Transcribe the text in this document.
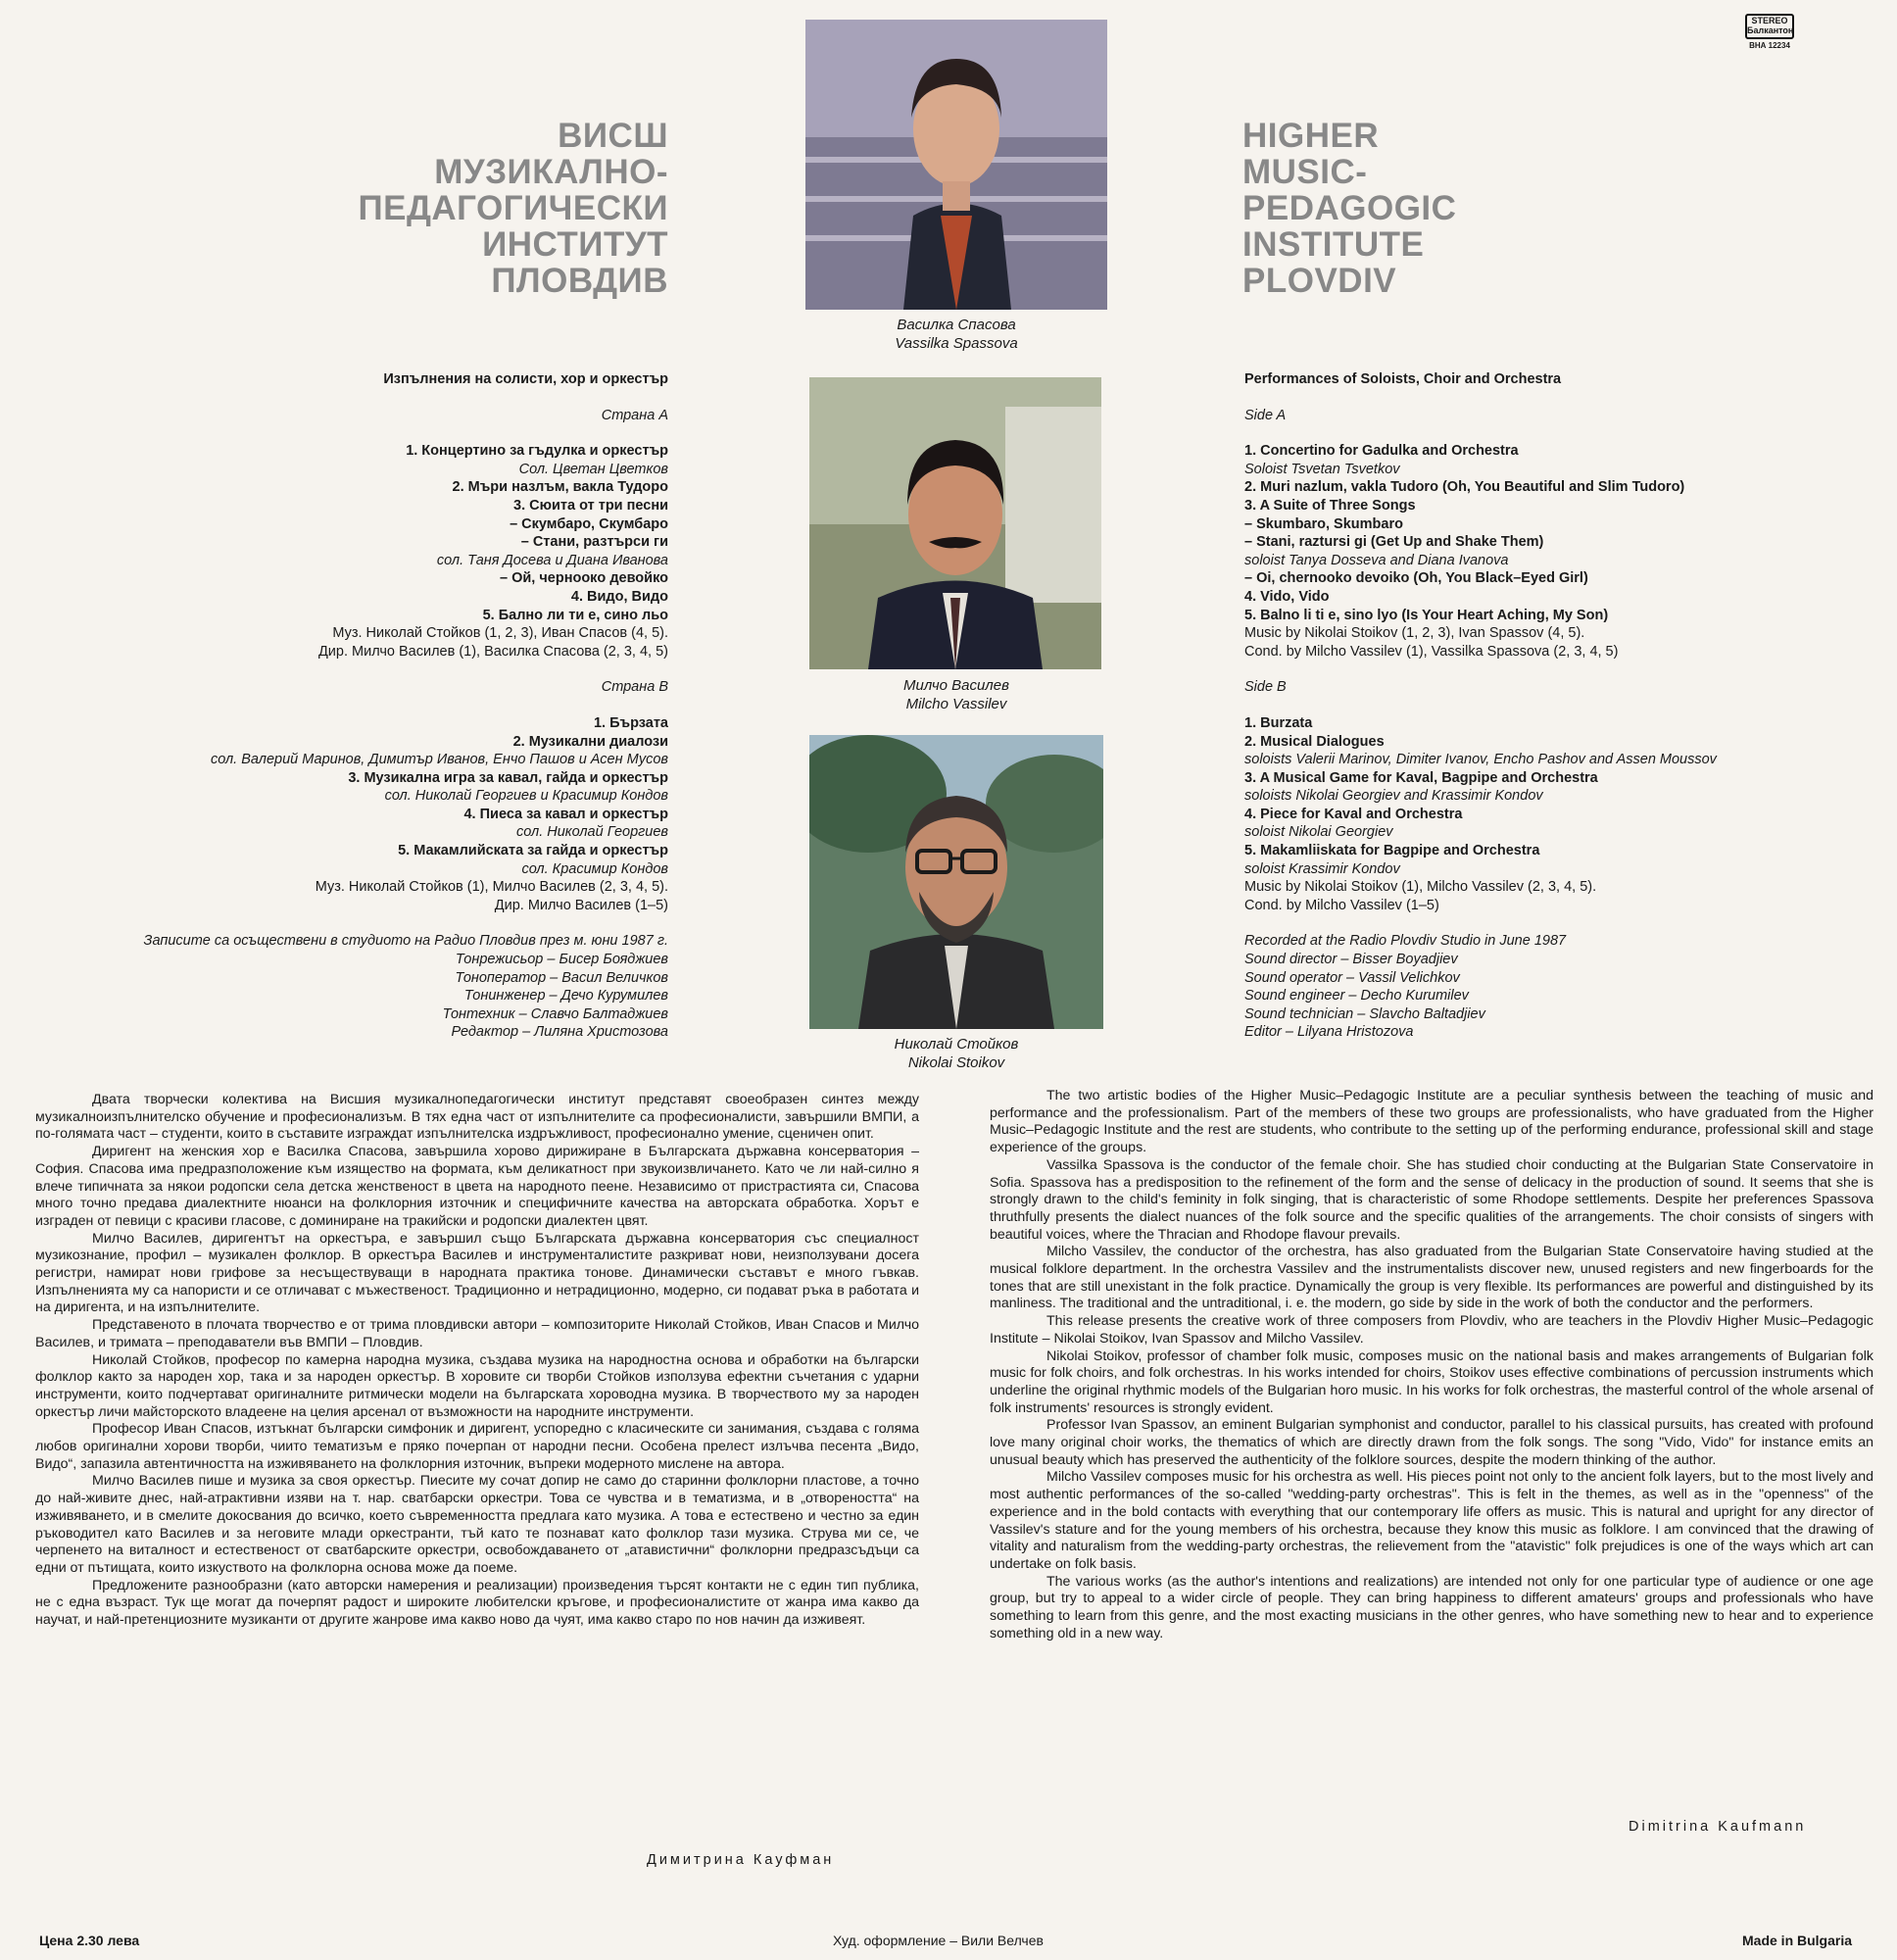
STEREO
Балкантон
ВНА 12234
ВИСШ
МУЗИКАЛНО-
ПЕДАГОГИЧЕСКИ
ИНСТИТУТ
ПЛОВДИВ
HIGHER
MUSIC-
PEDAGOGIC
INSTITUTE
PLOVDIV
Василка Спасова
Vassilka Spassova
Милчо Василев
Milcho Vassilev
Николай Стойков
Nikolai Stoikov
Изпълнения на солисти, хор и оркестър
Страна А
1. Концертино за гъдулка и оркестър
Сол. Цветан Цветков
2. Мъри назлъм, вакла Тудоро
3. Сюита от три песни
– Скумбаро, Скумбаро
– Стани, разтърси ги
сол. Таня Досева и Диана Иванова
– Ой, черноокo девойко
4. Видо, Видо
5. Бално ли ти е, сино льо
Муз. Николай Стойков (1, 2, 3), Иван Спасов (4, 5).
Дир. Милчо Василев (1), Василка Спасова (2, 3, 4, 5)
Страна В
1. Бързата
2. Музикални диалози
сол. Валерий Маринов, Димитър Иванов, Енчо Пашов и Асен Мусов
3. Музикална игра за кавал, гайда и оркестър
сол. Николай Георгиев и Красимир Кондов
4. Пиеса за кавал и оркестър
сол. Николай Георгиев
5. Макамлийската за гайда и оркестър
сол. Красимир Кондов
Муз. Николай Стойков (1), Милчо Василев (2, 3, 4, 5).
Дир. Милчо Василев (1–5)
Записите са осъществени в студиото на Радио Пловдив през м. юни 1987 г.
Тонрежисьор – Бисер Бояджиев
Тоноператор – Васил Величков
Тонинженер – Дечо Курумилев
Тонтехник – Славчо Балтаджиев
Редактор – Лиляна Христозова
Performances of Soloists, Choir and Orchestra
Side A
1. Concertino for Gadulka and Orchestra
Soloist Tsvetan Tsvetkov
2. Muri nazlum, vakla Tudoro (Oh, You Beautiful and Slim Tudoro)
3. A Suite of Three Songs
– Skumbaro, Skumbaro
– Stani, raztursi gi (Get Up and Shake Them)
soloist Tanya Dosseva and Diana Ivanova
– Oi, chernooko devoiko (Oh, You Black–Eyed Girl)
4. Vido, Vido
5. Balno li ti e, sino lyo (Is Your Heart Aching, My Son)
Music by Nikolai Stoikov (1, 2, 3), Ivan Spassov (4, 5).
Cond. by Milcho Vassilev (1), Vassilka Spassova (2, 3, 4, 5)
Side B
1. Burzata
2. Musical Dialogues
soloists Valerii Marinov, Dimiter Ivanov, Encho Pashov and Assen Moussov
3. A Musical Game for Kaval, Bagpipe and Orchestra
soloists Nikolai Georgiev and Krassimir Kondov
4. Piece for Kaval and Orchestra
soloist Nikolai Georgiev
5. Makamliiskata for Bagpipe and Orchestra
soloist Krassimir Kondov
Music by Nikolai Stoikov (1), Milcho Vassilev (2, 3, 4, 5).
Cond. by Milcho Vassilev (1–5)
Recorded at the Radio Plovdiv Studio in June 1987
Sound director – Bisser Boyadjiev
Sound operator – Vassil Velichkov
Sound engineer – Decho Kurumilev
Sound technician – Slavcho Baltadjiev
Editor – Lilyana Hristozova

Двата творчески колектива на Висшия музикалнопедагогически институт представят своеобразен синтез между музикалноизпълнителско обучение и професионализъм. В тях една част от изпълнителите са професионалисти, завършили ВМПИ, а по-голямата част – студенти, които в съставите изграждат изпълнителска издръжливост, професионално умение, сценичен опит.

Диригент на женския хор е Василка Спасова, завършила хорово дирижиране в Българската държавна консерватория – София. Спасова има предразположение към изящество на формата, към деликатност при звукоизвличането. Като че ли най-силно я влече типичната за някои родопски села детска женственост в цвета на народното пеене. Независимо от пристрастията си, Спасова много точно предава диалектните нюанси на фолклорния източник и специфичните качества на авторската обработка. Хорът е изграден от певици с красиви гласове, с доминиране на тракийски и родопски диалектен цвят.

Милчо Василев, диригентът на оркестъра, е завършил също Българската държавна консерватория със специалност музикознание, профил – музикален фолклор. В оркестъра Василев и инструменталистите разкриват нови, неизползувани досега регистри, намират нови грифове за несъществуващи в народната практика тонове. Динамически съставът е много гъвкав. Изпълненията му са напористи и се отличават с мъжественост. Традиционно и нетрадиционно, модерно, си подават ръка в работата и на диригента, и на изпълнителите.

Представеното в плочата творчество е от трима пловдивски автори – композиторите Николай Стойков, Иван Спасов и Милчо Василев, и тримата – преподаватели във ВМПИ – Пловдив.

Николай Стойков, професор по камерна народна музика, създава музика на народностна основа и обработки на български фолклор както за народен хор, така и за народен оркестър. В хоровите си творби Стойков използува ефектни съчетания с ударни инструменти, които подчертават оригиналните ритмически модели на българската хороводна музика. В творчеството му за народен оркестър личи майсторското владеене на целия арсенал от възможности на народните инструменти.

Професор Иван Спасов, изтъкнат български симфоник и диригент, успоредно с класическите си занимания, създава с голяма любов оригинални хорови творби, чиито тематизъм е пряко почерпан от народни песни. Особена прелест излъчва песента „Видо, Видо“, запазила автентичността на изживяването на фолклорния източник, въпреки модерното мислене на автора.

Милчо Василев пише и музика за своя оркестър. Пиесите му сочат допир не само до старинни фолклорни пластове, а точно до най-живите днес, най-атрактивни изяви на т. нар. сватбарски оркестри. Това се чувства и в тематизма, и в „отвореността“ на изживяването, и в смелите докосвания до всичко, което съвременността предлага като музика. А това е естествено и честно за един ръководител като Василев и за неговите млади оркестранти, тъй като те познават като фолклор тази музика. Струва ми се, че черпенето на виталност и естественост от сватбарските оркестри, освобождаването от „атавистични“ фолклорни предразсъдъци са едни от пътищата, които изкуството на фолклорна основа може да поеме.

Предложените разнообразни (като авторски намерения и реализации) произведения търсят контакти не с един тип публика, не с една възраст. Тук ще могат да почерпят радост и широките любителски кръгове, и професионалистите от жанра има какво да научат, и най-претенциозните музиканти от другите жанрове има какво ново да чуят, има какво старо по нов начин да изживеят.

Димитрина Кауфман

The two artistic bodies of the Higher Music–Pedagogic Institute are a peculiar synthesis between the teaching of music and performance and the professionalism. Part of the members of these two groups are professionalists, who have graduated from the Higher Music–Pedagogic Institute and the rest are students, who contribute to the setting up of the performing endurance, professional skill and stage experience of the groups.

Vassilka Spassova is the conductor of the female choir. She has studied choir conducting at the Bulgarian State Conservatoire in Sofia. Spassova has a predisposition to the refinement of the form and the sense of delicacy in the production of sound. It seems that she is strongly drawn to the child's feminity in folk singing, that is characteristic of some Rhodope settlements. Despite her preferences Spassova thruthfully presents the dialect nuances of the folk source and the specific qualities of the arrangements. The choir consists of singers with beautiful voices, where the Thracian and Rhodope flavour prevails.

Milcho Vassilev, the conductor of the orchestra, has also graduated from the Bulgarian State Conservatoire having studied at the musical folklore department. In the orchestra Vassilev and the instrumentalists discover new, unused registers and new fingerboards for the tones that are still unexistant in the folk practice. Dynamically the group is very flexible. Its performances are powerful and distinguished by its manliness. The traditional and the untraditional, i. e. the modern, go side by side in the work of both the conductor and the performers.

This release presents the creative work of three composers from Plovdiv, who are teachers in the Plovdiv Higher Music–Pedagogic Institute – Nikolai Stoikov, Ivan Spassov and Milcho Vassilev.

Nikolai Stoikov, professor of chamber folk music, composes music on the national basis and makes arrangements of Bulgarian folk music for folk choirs, and folk orchestras. In his works intended for choirs, Stoikov uses effective combinations of percussion instruments which underline the original rhythmic models of the Bulgarian horo music. In his works for folk orchestras, the masterful control of the whole arsenal of folk instruments' resources is strongly evident.

Professor Ivan Spassov, an eminent Bulgarian symphonist and conductor, parallel to his classical pursuits, has created with profound love many original choir works, the thematics of which are directly drawn from the folk songs. The song "Vido, Vido" for instance emits an unusual beauty which has preserved the authenticity of the folklore sources, despite the modern thinking of the author.

Milcho Vassilev composes music for his orchestra as well. His pieces point not only to the ancient folk layers, but to the most lively and most authentic performances of the so-called "wedding-party orchestras". This is felt in the themes, as well as in the "openness" of the experience and in the bold contacts with everything that our contemporary life offers as music. This is natural and upright for any director of Vassilev's stature and for the young members of his orchestra, because they know this music as folklore. I am convinced that the drawing of vitality and naturalism from the wedding-party orchestras, the relievement from the "atavistic" folk prejudices is one of the ways which art can undertake on folk basis.

The various works (as the author's intentions and realizations) are intended not only for one particular type of audience or one age group, but try to appeal to a wider circle of people. They can bring happiness to different amateurs' groups and professionals who have something to learn from this genre, and the most exacting musicians in the other genres, who have something new to hear and to experience something old in a new way.

Dimitrina Kaufmann
Цена 2.30 лева	Худ. оформление – Вили Велчев	Made in Bulgaria
